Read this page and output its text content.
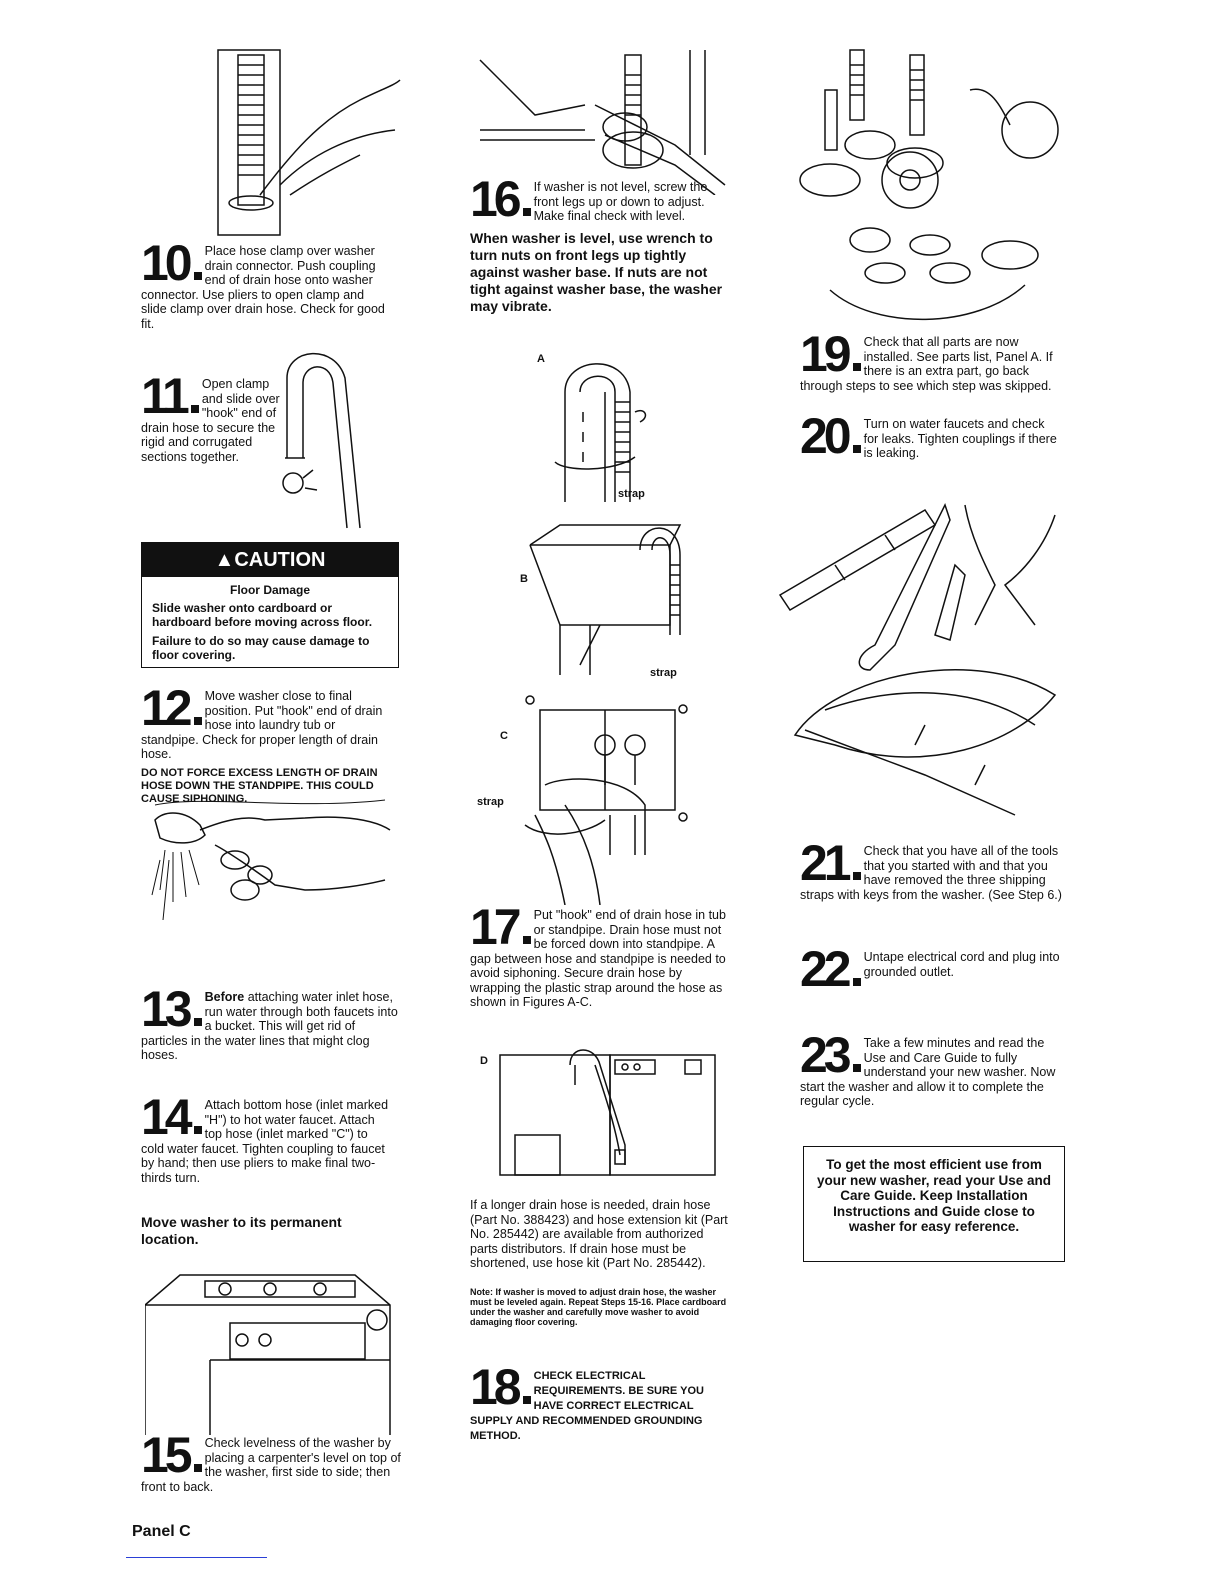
10	Place hose clamp over washer drain connector. Push coupling end of drain hose onto washer connector. Use pliers to open clamp and slide clamp over drain hose. Check for good fit.
11	Open clamp and slide over "hook" end of drain hose to secure the rigid and corrugated sections together.
▲CAUTION
Floor Damage

Slide washer onto cardboard or hardboard before moving across floor.

Failure to do so may cause damage to floor covering.

12	Move washer close to final position. Put "hook" end of drain hose into laundry tub or standpipe. Check for proper length of drain hose.
DO NOT FORCE EXCESS LENGTH OF DRAIN HOSE DOWN THE STANDPIPE. THIS COULD CAUSE SIPHONING.
13	Before attaching water inlet hose, run water through both faucets into a bucket. This will get rid of particles in the water lines that might clog hoses.
14	Attach bottom hose (inlet marked "H") to hot water faucet. Attach top hose (inlet marked "C") to cold water faucet. Tighten coupling to faucet by hand; then use pliers to make final two-thirds turn.
Move washer to its permanent location.
15	Check levelness of the washer by placing a carpenter's level on top of the washer, first side to side; then front to back.
Panel C
16	If washer is not level, screw the front legs up or down to adjust. Make final check with level.
When washer is level, use wrench to turn nuts on front legs up tightly against washer base. If nuts are not tight against washer base, the washer may vibrate.
A
strap
B
strap
C
strap
17	Put "hook" end of drain hose in tub or standpipe. Drain hose must not be forced down into standpipe. A gap between hose and standpipe is needed to avoid siphoning. Secure drain hose by wrapping the plastic strap around the hose as shown in Figures A-C.
D
If a longer drain hose is needed, drain hose (Part No. 388423) and hose extension kit (Part No. 285442) are available from authorized parts distributors. If drain hose must be shortened, use hose kit (Part No. 285442).
Note: If washer is moved to adjust drain hose, the washer must be leveled again. Repeat Steps 15-16. Place cardboard under the washer and carefully move washer to avoid damaging floor covering.
18	CHECK ELECTRICAL REQUIREMENTS. BE SURE YOU HAVE CORRECT ELECTRICAL SUPPLY AND RECOMMENDED GROUNDING METHOD.
19	Check that all parts are now installed. See parts list, Panel A. If there is an extra part, go back through steps to see which step was skipped.
20	Turn on water faucets and check for leaks. Tighten couplings if there is leaking.
21	Check that you have all of the tools that you started with and that you have removed the three shipping straps with keys from the washer. (See Step 6.)
22	Untape electrical cord and plug into grounded outlet.
23	Take a few minutes and read the Use and Care Guide to fully understand your new washer. Now start the washer and allow it to complete the regular cycle.
To get the most efficient use from your new washer, read your Use and Care Guide. Keep Installation Instructions and Guide close to washer for easy reference.
